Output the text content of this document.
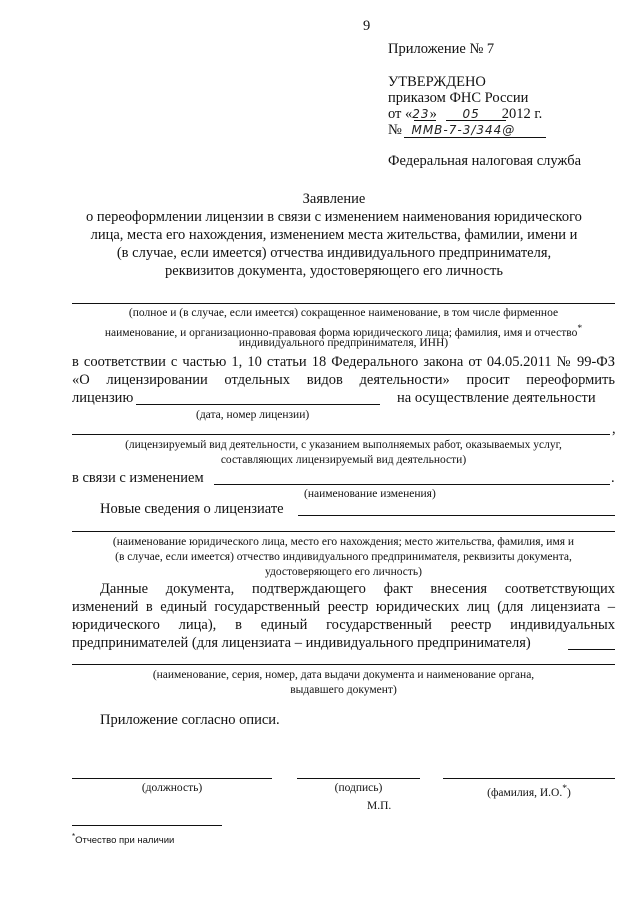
9
Приложение № 7
УТВЕРЖДЕНО
приказом ФНС России
от «23» 05 2012 г.
№ ММВ-7-3/344@
Федеральная налоговая служба
Заявление
о переоформлении лицензии в связи с изменением наименования юридического
лица, места его нахождения, изменением места жительства, фамилии, имени и
(в случае, если имеется) отчества индивидуального предпринимателя,
реквизитов документа, удостоверяющего его личность
(полное и (в случае, если имеется) сокращенное наименование, в том числе фирменное
наименование, и организационно-правовая форма юридического лица; фамилия, имя и отчество*
индивидуального предпринимателя, ИНН)
в соответствии с частью 1, 10 статьи 18 Федерального закона от 04.05.2011 № 99-ФЗ
«О лицензировании отдельных видов деятельности» просит переоформить
лицензию	на осуществление деятельности
(дата, номер лицензии)
,
(лицензируемый вид деятельности, с указанием выполняемых работ, оказываемых услуг,
составляющих лицензируемый вид деятельности)
в связи с изменением	.
(наименование изменения)
Новые сведения о лицензиате
(наименование юридического лица, место его нахождения; место жительства, фамилия, имя и
(в случае, если имеется) отчество индивидуального предпринимателя, реквизиты документа,
удостоверяющего его личность)
Данные документа, подтверждающего факт внесения соответствующих
изменений в единый государственный реестр юридических лиц (для лицензиата –
юридического лица), в единый государственный реестр индивидуальных
предпринимателей (для лицензиата – индивидуального предпринимателя)
(наименование, серия, номер, дата выдачи документа и наименование органа,
выдавшего документ)
Приложение согласно описи.
(должность)	(подпись)	(фамилия, И.О.*)
М.П.
*Отчество при наличии
